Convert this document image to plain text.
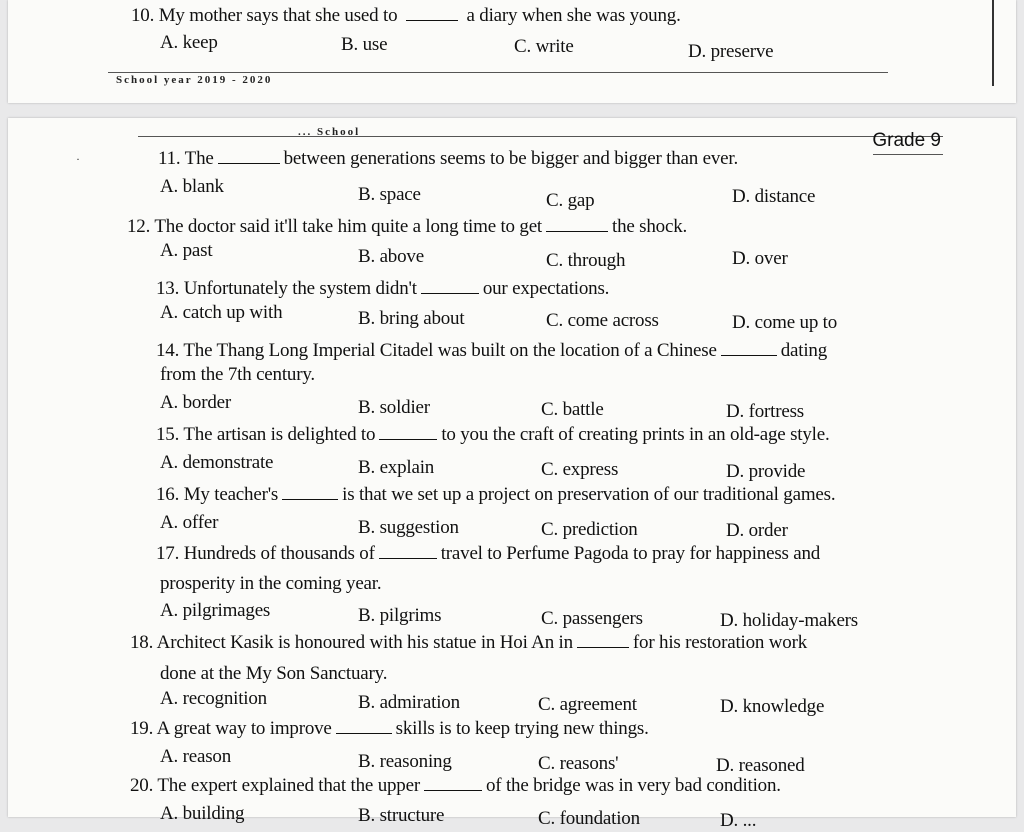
10. My mother says that she used to	a diary when she was young.
A. keep	B. use	C. write	D. preserve
School year 2019 - 2020
... School	Grade 9
·	11. The	between generations seems to be bigger and bigger than ever.
A. blank	B. space	C. gap	D. distance
12. The doctor said it'll take him quite a long time to get	the shock.
A. past	B. above	C. through	D. over
13. Unfortunately the system didn't	our expectations.
A. catch up with	B. bring about	C. come across	D. come up to
14. The Thang Long Imperial Citadel was built on the location of a Chinese	dating
from the 7th century.
A. border	B. soldier	C. battle	D. fortress
15. The artisan is delighted to	to you the craft of creating prints in an old-age style.
A. demonstrate	B. explain	C. express	D. provide
16. My teacher's	is that we set up a project on preservation of our traditional games.
A. offer	B. suggestion	C. prediction	D. order
17. Hundreds of thousands of	travel to Perfume Pagoda to pray for happiness and
prosperity in the coming year.
A. pilgrimages	B. pilgrims	C. passengers	D. holiday-makers
18. Architect Kasik is honoured with his statue in Hoi An in	for his restoration work
done at the My Son Sanctuary.
A. recognition	B. admiration	C. agreement	D. knowledge
19. A great way to improve	skills is to keep trying new things.
A. reason	B. reasoning	C. reasons'	D. reasoned
20. The expert explained that the upper	of the bridge was in very bad condition.
A. building	B. structure	C. foundation	D. ...
